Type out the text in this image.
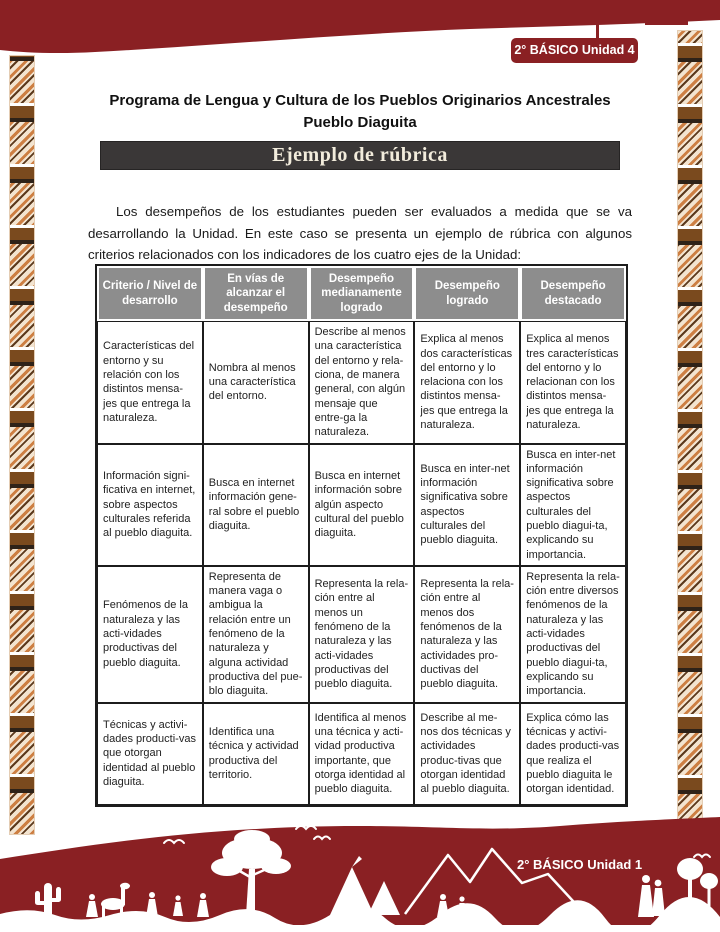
2° BÁSICO Unidad 4
Programa de Lengua y Cultura de los Pueblos Originarios Ancestrales
Pueblo Diaguita
Ejemplo de rúbrica

Los desempeños de los estudiantes pueden ser evaluados a medida que se va desarrollando la Unidad. En este caso se presenta un ejemplo de rúbrica con algunos criterios relacionados con los indicadores de los cuatro ejes de la Unidad:

Criterio / Nivel de desarrollo	En vías de alcanzar el desempeño	Desempeño medianamente logrado	Desempeño logrado	Desempeño destacado
Características del entorno y su relación con los distintos mensa-jes que entrega la naturaleza.	Nombra al menos una característica del entorno.	Describe al menos una característica del entorno y rela-ciona, de manera general, con algún mensaje que entre-ga la naturaleza.	Explica al menos dos características del entorno y lo relaciona con los distintos mensa-jes que entrega la naturaleza.	Explica al menos tres características del entorno y lo relacionan con los distintos mensa-jes que entrega la naturaleza.
Información signi-ficativa en internet, sobre aspectos culturales referida al pueblo diaguita.	Busca en internet información gene-ral sobre el pueblo diaguita.	Busca en internet información sobre algún aspecto cultural del pueblo diaguita.	Busca en inter-net información significativa sobre aspectos culturales del pueblo diaguita.	Busca en inter-net información significativa sobre aspectos culturales del pueblo diagui-ta, explicando su importancia.
Fenómenos de la naturaleza y las acti-vidades productivas del pueblo diaguita.	Representa de manera vaga o ambigua la relación entre un fenómeno de la naturaleza y alguna actividad productiva del pue-blo diaguita.	Representa la rela-ción entre al menos un fenómeno de la naturaleza y las acti-vidades productivas del pueblo diaguita.	Representa la rela-ción entre al menos dos fenómenos de la naturaleza y las actividades pro-ductivas del pueblo diaguita.	Representa la rela-ción entre diversos fenómenos de la naturaleza y las acti-vidades productivas del pueblo diagui-ta, explicando su importancia.
Técnicas y activi-dades producti-vas que otorgan identidad al pueblo diaguita.	Identifica una técnica y actividad productiva del territorio.	Identifica al menos una técnica y acti-vidad productiva importante, que otorga identidad al pueblo diaguita.	Describe al me-nos dos técnicas y actividades produc-tivas que otorgan identidad al pueblo diaguita.	Explica cómo las técnicas y activi-dades producti-vas que realiza el pueblo diaguita le otorgan identidad.
2° BÁSICO Unidad 1
